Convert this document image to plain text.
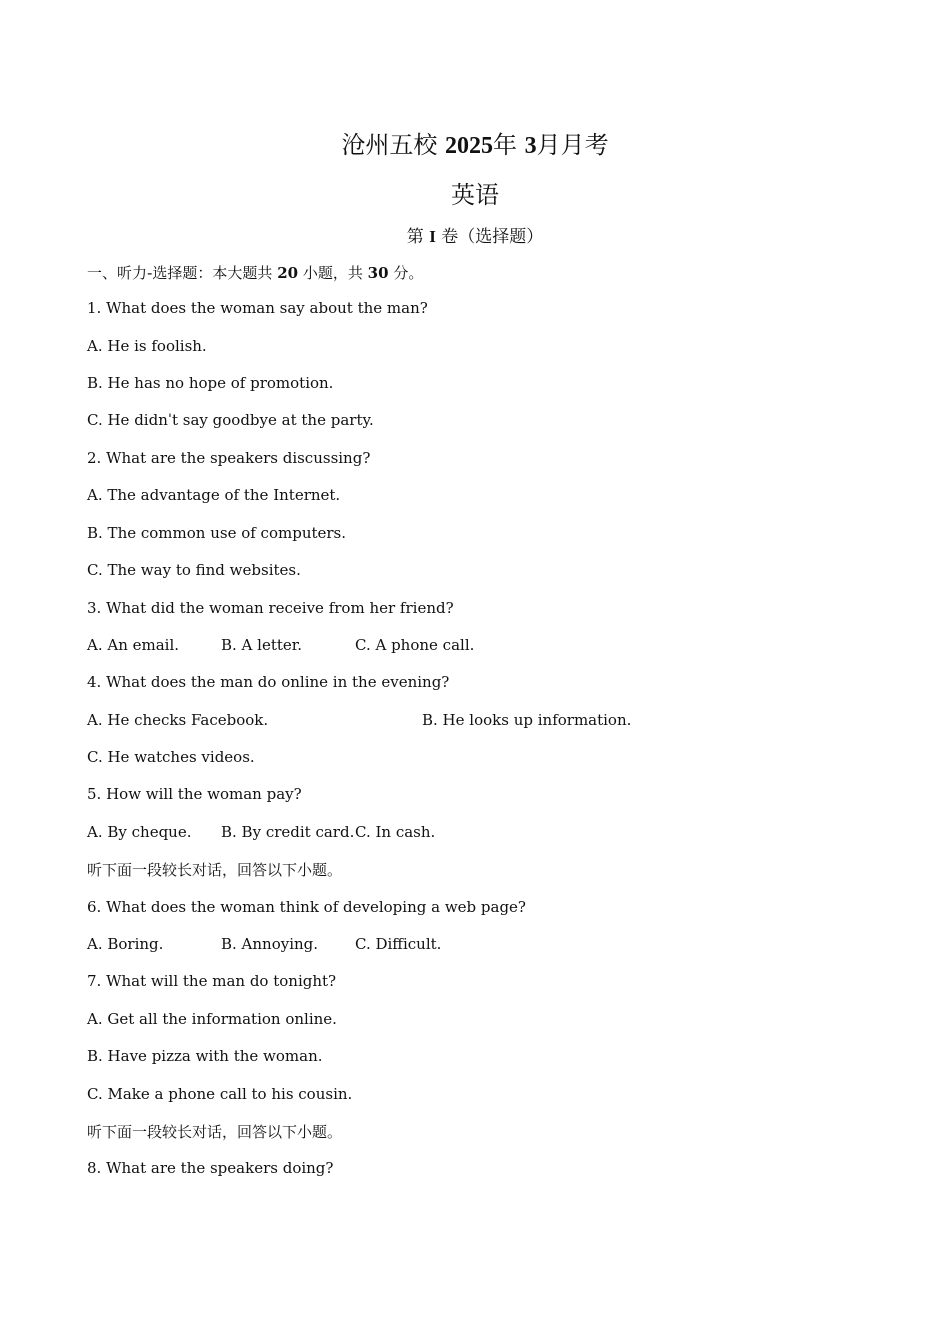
沧州五校 2025年 3月月考
英语
第 I 卷（选择题）
一、听力-选择题：本大题共 20 小题，共 30 分。
1. What does the woman say about the man?
A. He is foolish.
B. He has no hope of promotion.
C. He didnˈt say goodbye at the party.
2. What are the speakers discussing?
A. The advantage of the Internet.
B. The common use of computers.
C. The way to find websites.
3. What did the woman receive from her friend?
A. An email.	B. A letter.	C. A phone call.
4. What does the man do online in the evening?
A. He checks Facebook.	B. He looks up information.
C. He watches videos.
5. How will the woman pay?
A. By cheque. B. By credit card. C. In cash.
听下面一段较长对话，回答以下小题。
6. What does the woman think of developing a web page?
A. Boring.	B. Annoying. C. Difficult.
7. What will the man do tonight?
A. Get all the information online.
B. Have pizza with the woman.
C. Make a phone call to his cousin.
听下面一段较长对话，回答以下小题。
8. What are the speakers doing?
